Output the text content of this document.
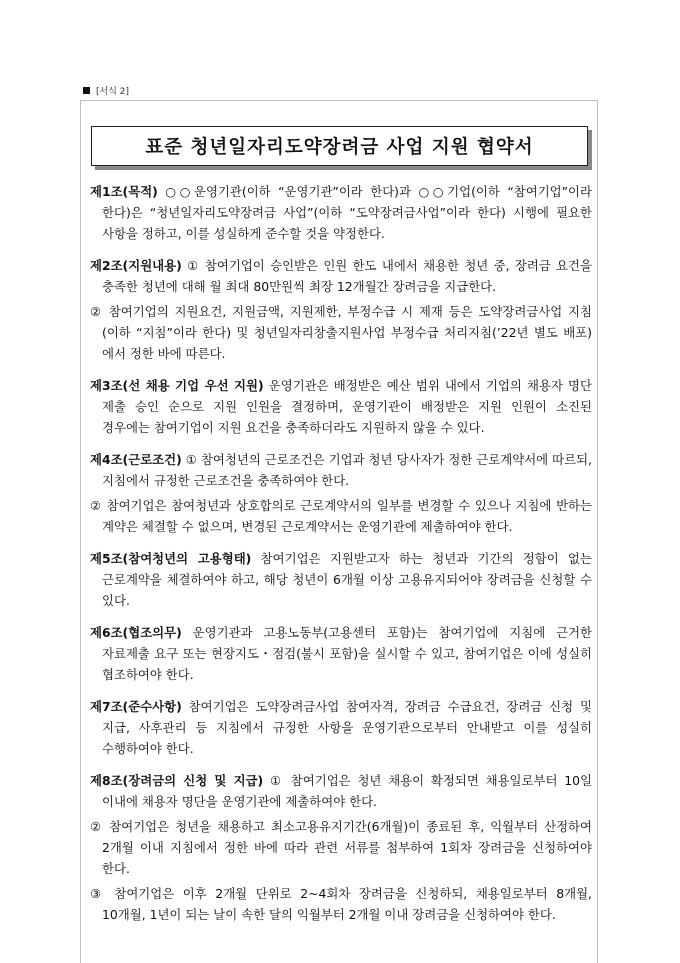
[서식 2]
표준 청년일자리도약장려금 사업 지원 협약서

제1조(목적) ○○운영기관(이하 “운영기관”이라 한다)과 ○○기업(이하 “참여기업”이라 한다)은 “청년일자리도약장려금 사업”(이하 “도약장려금사업”이라 한다) 시행에 필요한 사항을 정하고, 이를 성실하게 준수할 것을 약정한다.

제2조(지원내용) ① 참여기업이 승인받은 인원 한도 내에서 채용한 청년 중, 장려금 요건을 충족한 청년에 대해 월 최대 80만원씩 최장 12개월간 장려금을 지급한다.

② 참여기업의 지원요건, 지원금액, 지원제한, 부정수급 시 제재 등은 도약장려금사업 지침(이하 “지침”이라 한다) 및 청년일자리창출지원사업 부정수급 처리지침(’22년 별도 배포)에서 정한 바에 따른다.

제3조(선 채용 기업 우선 지원) 운영기관은 배정받은 예산 범위 내에서 기업의 채용자 명단 제출 승인 순으로 지원 인원을 결정하며, 운영기관이 배정받은 지원 인원이 소진된 경우에는 참여기업이 지원 요건을 충족하더라도 지원하지 않을 수 있다.

제4조(근로조건) ① 참여청년의 근로조건은 기업과 청년 당사자가 정한 근로계약서에 따르되, 지침에서 규정한 근로조건을 충족하여야 한다.

② 참여기업은 참여청년과 상호합의로 근로계약서의 일부를 변경할 수 있으나 지침에 반하는 계약은 체결할 수 없으며, 변경된 근로계약서는 운영기관에 제출하여야 한다.

제5조(참여청년의 고용형태) 참여기업은 지원받고자 하는 청년과 기간의 정함이 없는 근로계약을 체결하여야 하고, 해당 청년이 6개월 이상 고용유지되어야 장려금을 신청할 수 있다.

제6조(협조의무) 운영기관과 고용노동부(고용센터 포함)는 참여기업에 지침에 근거한 자료제출 요구 또는 현장지도・점검(불시 포함)을 실시할 수 있고, 참여기업은 이에 성실히 협조하여야 한다.

제7조(준수사항) 참여기업은 도약장려금사업 참여자격, 장려금 수급요건, 장려금 신청 및 지급, 사후관리 등 지침에서 규정한 사항을 운영기관으로부터 안내받고 이를 성실히 수행하여야 한다.

제8조(장려금의 신청 및 지급) ① 참여기업은 청년 채용이 확정되면 채용일로부터 10일 이내에 채용자 명단을 운영기관에 제출하여야 한다.

② 참여기업은 청년을 채용하고 최소고용유지기간(6개월)이 종료된 후, 익월부터 산정하여 2개월 이내 지침에서 정한 바에 따라 관련 서류를 첨부하여 1회차 장려금을 신청하여야 한다.

③ 참여기업은 이후 2개월 단위로 2~4회차 장려금을 신청하되, 채용일로부터 8개월, 10개월, 1년이 되는 날이 속한 달의 익월부터 2개월 이내 장려금을 신청하여야 한다.
